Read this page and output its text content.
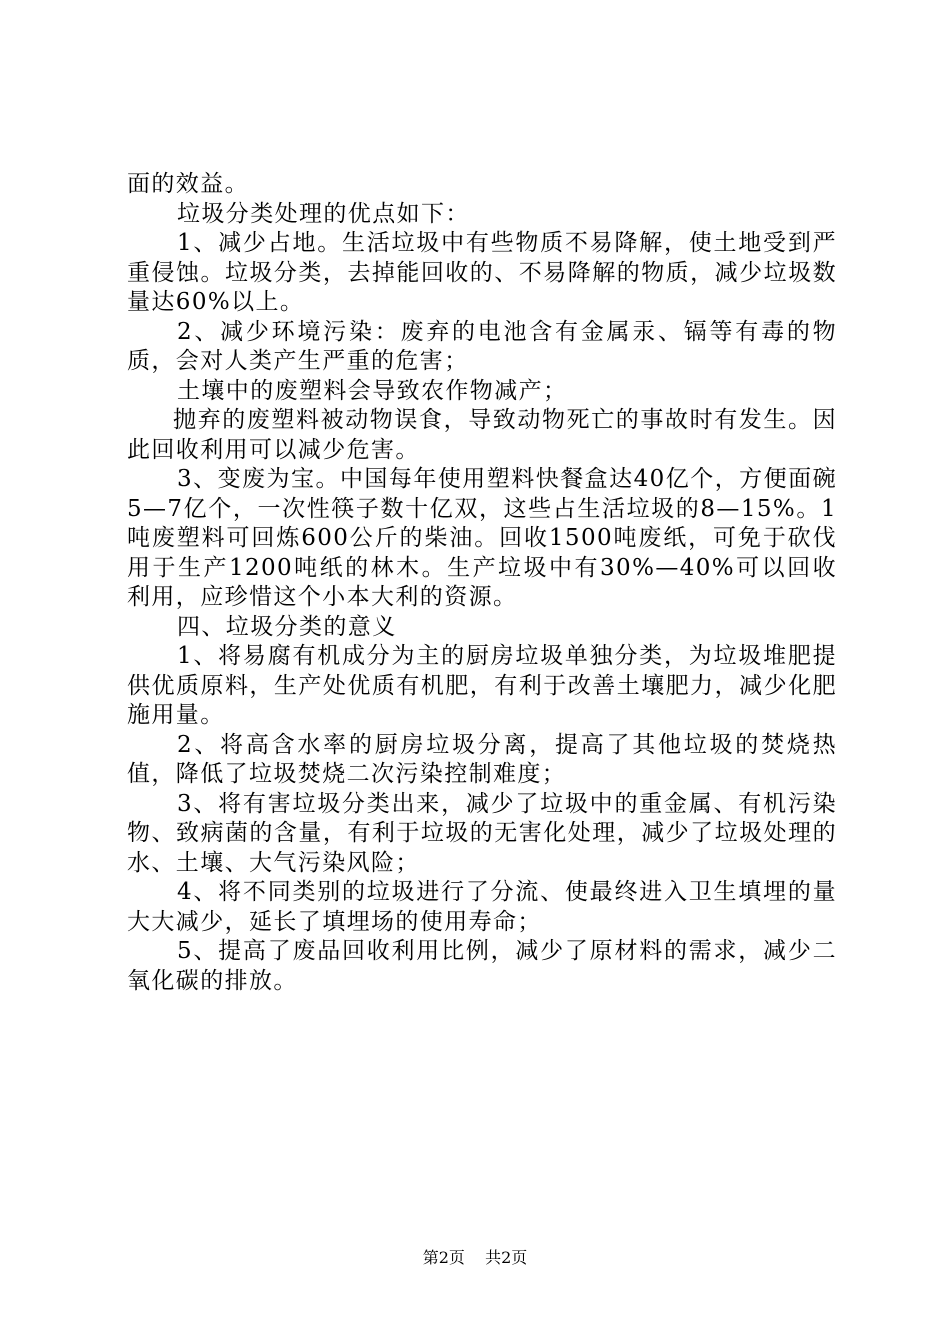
面的效益。

垃圾分类处理的优点如下：

1、减少占地。生活垃圾中有些物质不易降解，使土地受到严重侵蚀。垃圾分类，去掉能回收的、不易降解的物质，减少垃圾数量达60%以上。

2、减少环境污染：废弃的电池含有金属汞、镉等有毒的物质，会对人类产生严重的危害；

土壤中的废塑料会导致农作物减产；

抛弃的废塑料被动物误食，导致动物死亡的事故时有发生。因此回收利用可以减少危害。

3、变废为宝。中国每年使用塑料快餐盒达40亿个，方便面碗5—7亿个，一次性筷子数十亿双，这些占生活垃圾的8—15%。1吨废塑料可回炼600公斤的柴油。回收1500吨废纸，可免于砍伐用于生产1200吨纸的林木。生产垃圾中有30%—40%可以回收利用，应珍惜这个小本大利的资源。

四、垃圾分类的意义

1、将易腐有机成分为主的厨房垃圾单独分类，为垃圾堆肥提供优质原料，生产处优质有机肥，有利于改善土壤肥力，减少化肥施用量。

2、将高含水率的厨房垃圾分离，提高了其他垃圾的焚烧热值，降低了垃圾焚烧二次污染控制难度；

3、将有害垃圾分类出来，减少了垃圾中的重金属、有机污染物、致病菌的含量，有利于垃圾的无害化处理，减少了垃圾处理的水、土壤、大气污染风险；

4、将不同类别的垃圾进行了分流、使最终进入卫生填埋的量大大减少，延长了填埋场的使用寿命；

5、提高了废品回收利用比例，减少了原材料的需求，减少二氧化碳的排放。

第2页 共2页
